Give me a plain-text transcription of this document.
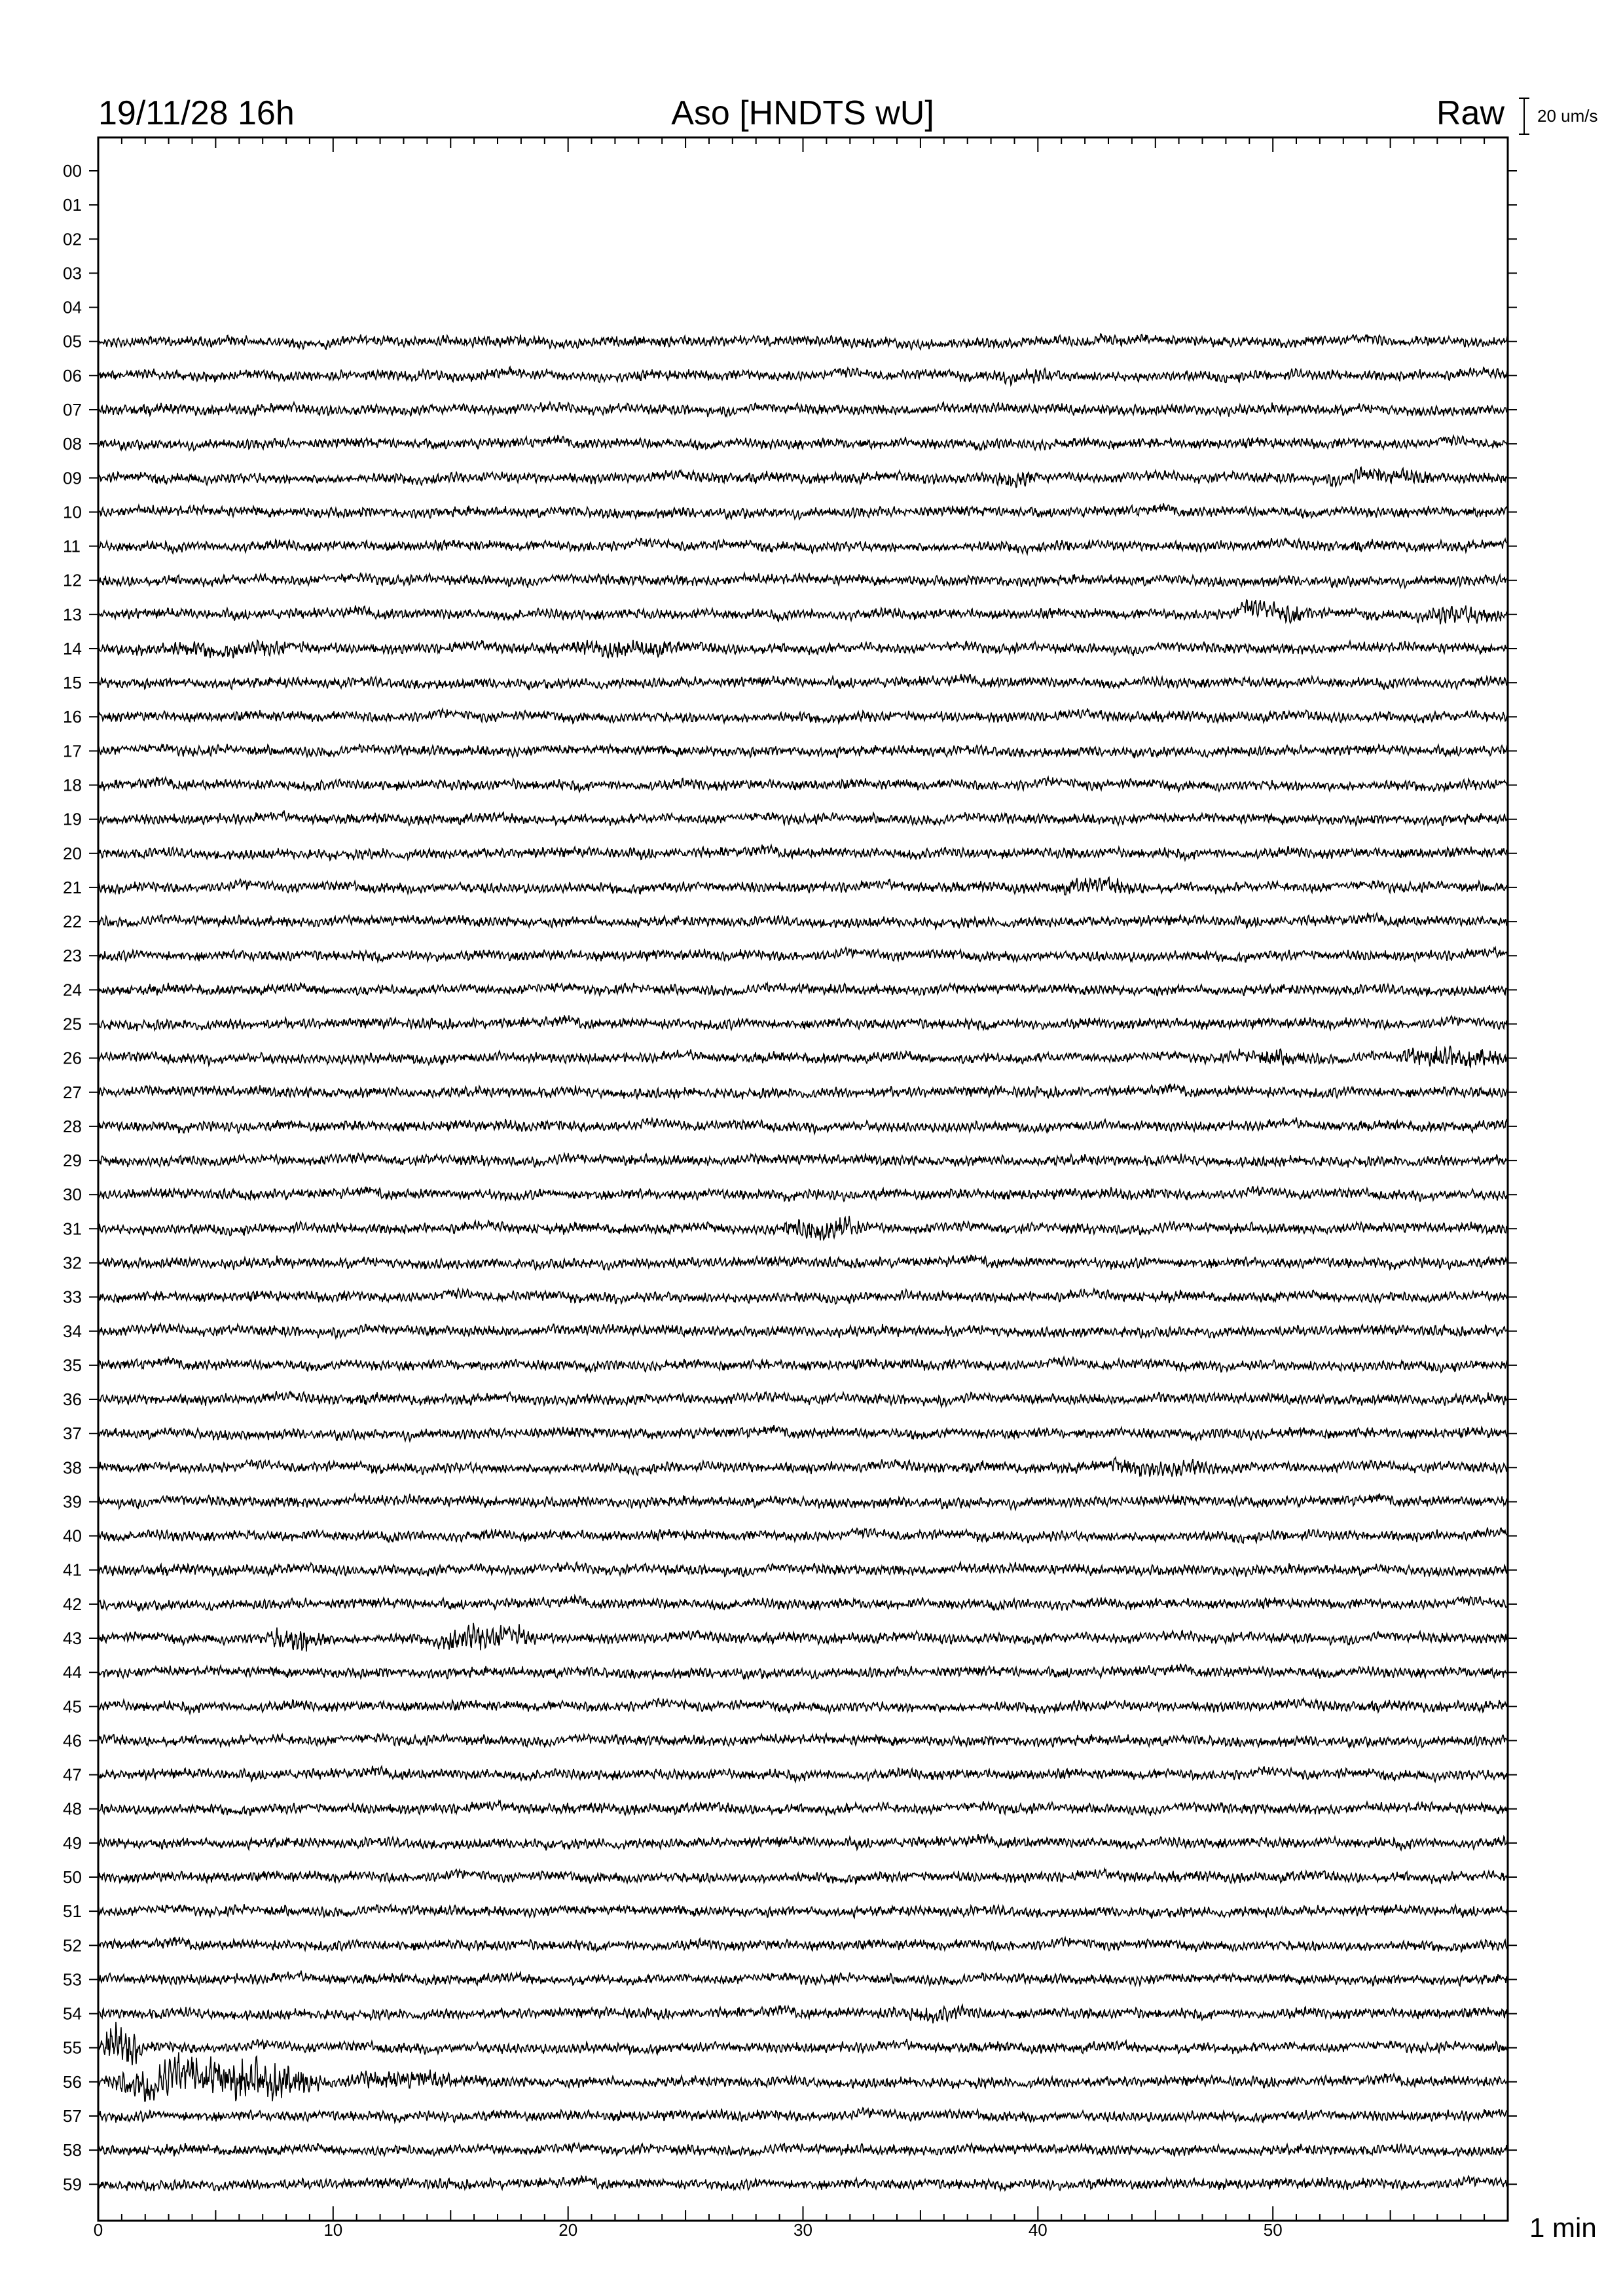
19/11/28 16h	Aso [HNDTS wU]	Raw 20 um/s
00
01
02
03
04
05
06
07
08
09
10
11
12
13
14
15
16
17
18
19
20
21
22
23
24
25
26
27
28
29
30
31
32
33
34
35
36
37
38
39
40
41
42
43
44
45
46
47
48
49
50
51
52
53
54
55
56
57
58
59
0	10	20	30	40	50	1 min
